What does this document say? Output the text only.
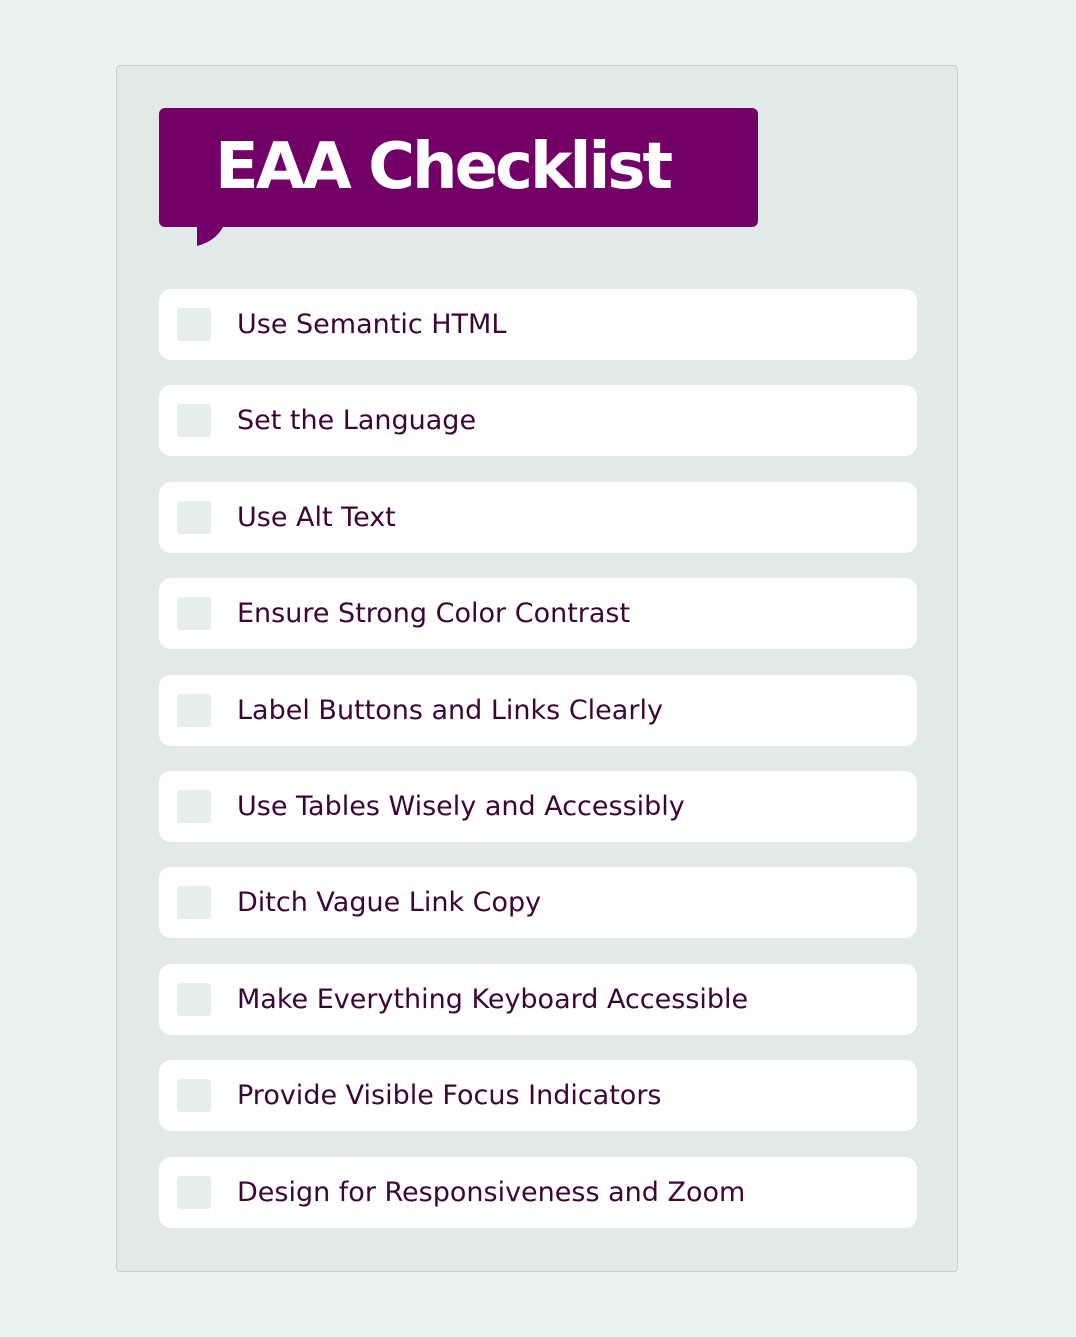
EAA Checklist
Use Semantic HTML
Set the Language
Use Alt Text
Ensure Strong Color Contrast
Label Buttons and Links Clearly
Use Tables Wisely and Accessibly
Ditch Vague Link Copy
Make Everything Keyboard Accessible
Provide Visible Focus Indicators
Design for Responsiveness and Zoom
